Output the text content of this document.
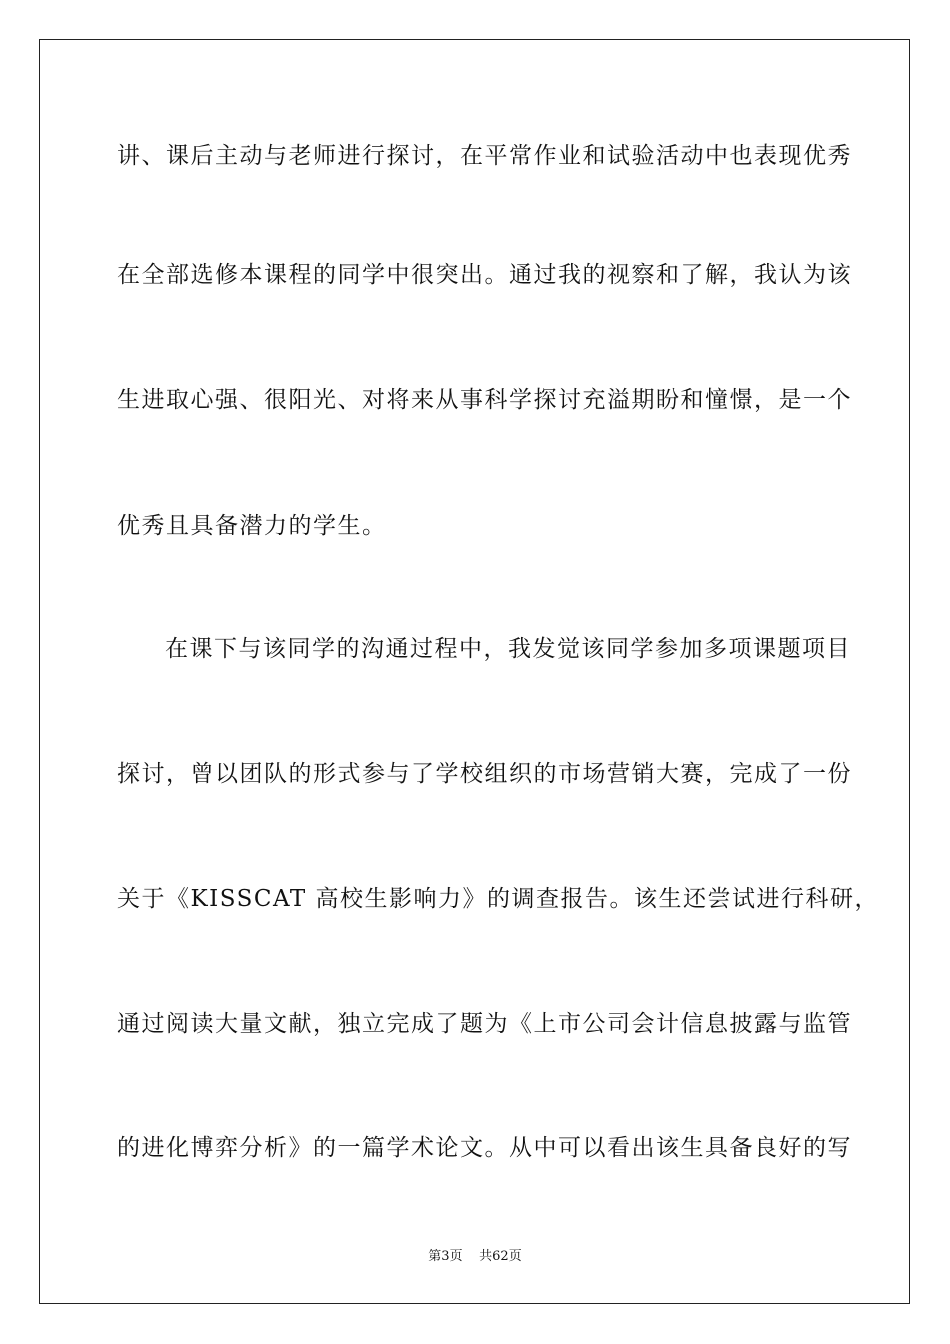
讲、课后主动与老师进行探讨，在平常作业和试验活动中也表现优秀
在全部选修本课程的同学中很突出。通过我的视察和了解，我认为该
生进取心强、很阳光、对将来从事科学探讨充溢期盼和憧憬，是一个
优秀且具备潜力的学生。
在课下与该同学的沟通过程中，我发觉该同学参加多项课题项目
探讨，曾以团队的形式参与了学校组织的市场营销大赛，完成了一份
关于《KISSCAT 高校生影响力》的调查报告。该生还尝试进行科研，
通过阅读大量文献，独立完成了题为《上市公司会计信息披露与监管
的进化博弈分析》的一篇学术论文。从中可以看出该生具备良好的写
第3页 共62页
